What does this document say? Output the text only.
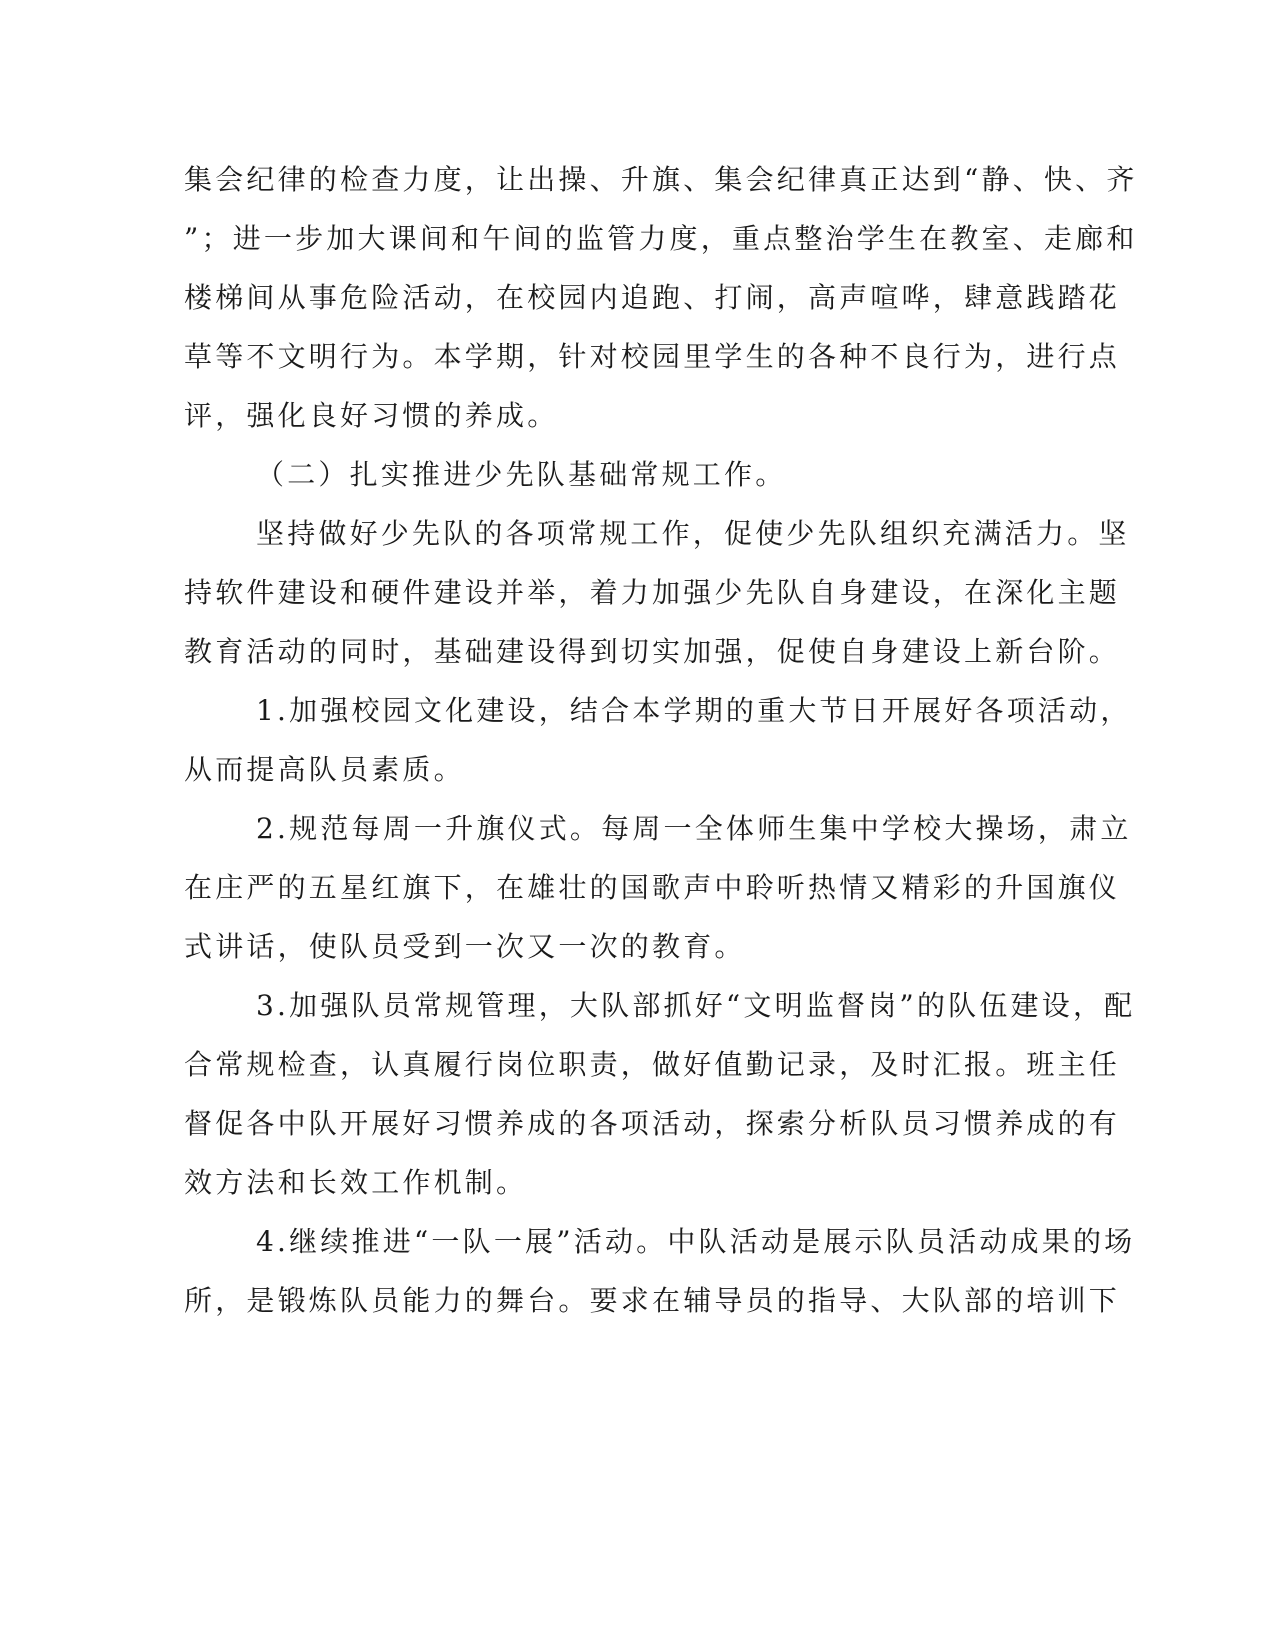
集会纪律的检查力度，让出操、升旗、集会纪律真正达到“静、快、齐
”；进一步加大课间和午间的监管力度，重点整治学生在教室、走廊和
楼梯间从事危险活动，在校园内追跑、打闹，高声喧哗，肆意践踏花
草等不文明行为。本学期，针对校园里学生的各种不良行为，进行点
评，强化良好习惯的养成。
（二）扎实推进少先队基础常规工作。
坚持做好少先队的各项常规工作，促使少先队组织充满活力。坚
持软件建设和硬件建设并举，着力加强少先队自身建设，在深化主题
教育活动的同时，基础建设得到切实加强，促使自身建设上新台阶。
1.加强校园文化建设，结合本学期的重大节日开展好各项活动，
从而提高队员素质。
2.规范每周一升旗仪式。每周一全体师生集中学校大操场，肃立
在庄严的五星红旗下，在雄壮的国歌声中聆听热情又精彩的升国旗仪
式讲话，使队员受到一次又一次的教育。
3.加强队员常规管理，大队部抓好“文明监督岗”的队伍建设，配
合常规检查，认真履行岗位职责，做好值勤记录，及时汇报。班主任
督促各中队开展好习惯养成的各项活动，探索分析队员习惯养成的有
效方法和长效工作机制。
4.继续推进“一队一展”活动。中队活动是展示队员活动成果的场
所，是锻炼队员能力的舞台。要求在辅导员的指导、大队部的培训下
